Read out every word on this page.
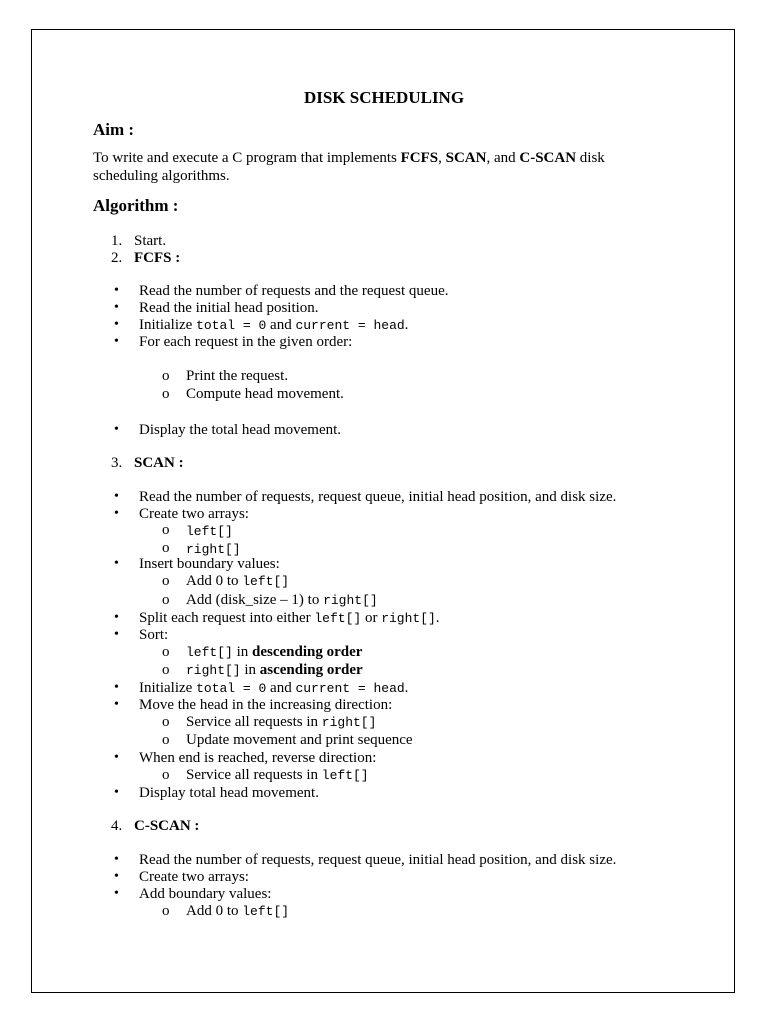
DISK SCHEDULING
Aim :
To write and execute a C program that implements FCFS, SCAN, and C-SCAN disk
scheduling algorithms.
Algorithm :
1. Start.
2. FCFS :
• Read the number of requests and the request queue.
• Read the initial head position.
• Initialize total = 0 and current = head.
• For each request in the given order:
o Print the request.
o Compute head movement.
• Display the total head movement.
3. SCAN :
• Read the number of requests, request queue, initial head position, and disk size.
• Create two arrays:
o left[]
o right[]
• Insert boundary values:
o Add 0 to left[]
o Add (disk_size – 1) to right[]
• Split each request into either left[] or right[].
• Sort:
o left[] in descending order
o right[] in ascending order
• Initialize total = 0 and current = head.
• Move the head in the increasing direction:
o Service all requests in right[]
o Update movement and print sequence
• When end is reached, reverse direction:
o Service all requests in left[]
• Display total head movement.
4. C-SCAN :
• Read the number of requests, request queue, initial head position, and disk size.
• Create two arrays:
• Add boundary values:
o Add 0 to left[]
